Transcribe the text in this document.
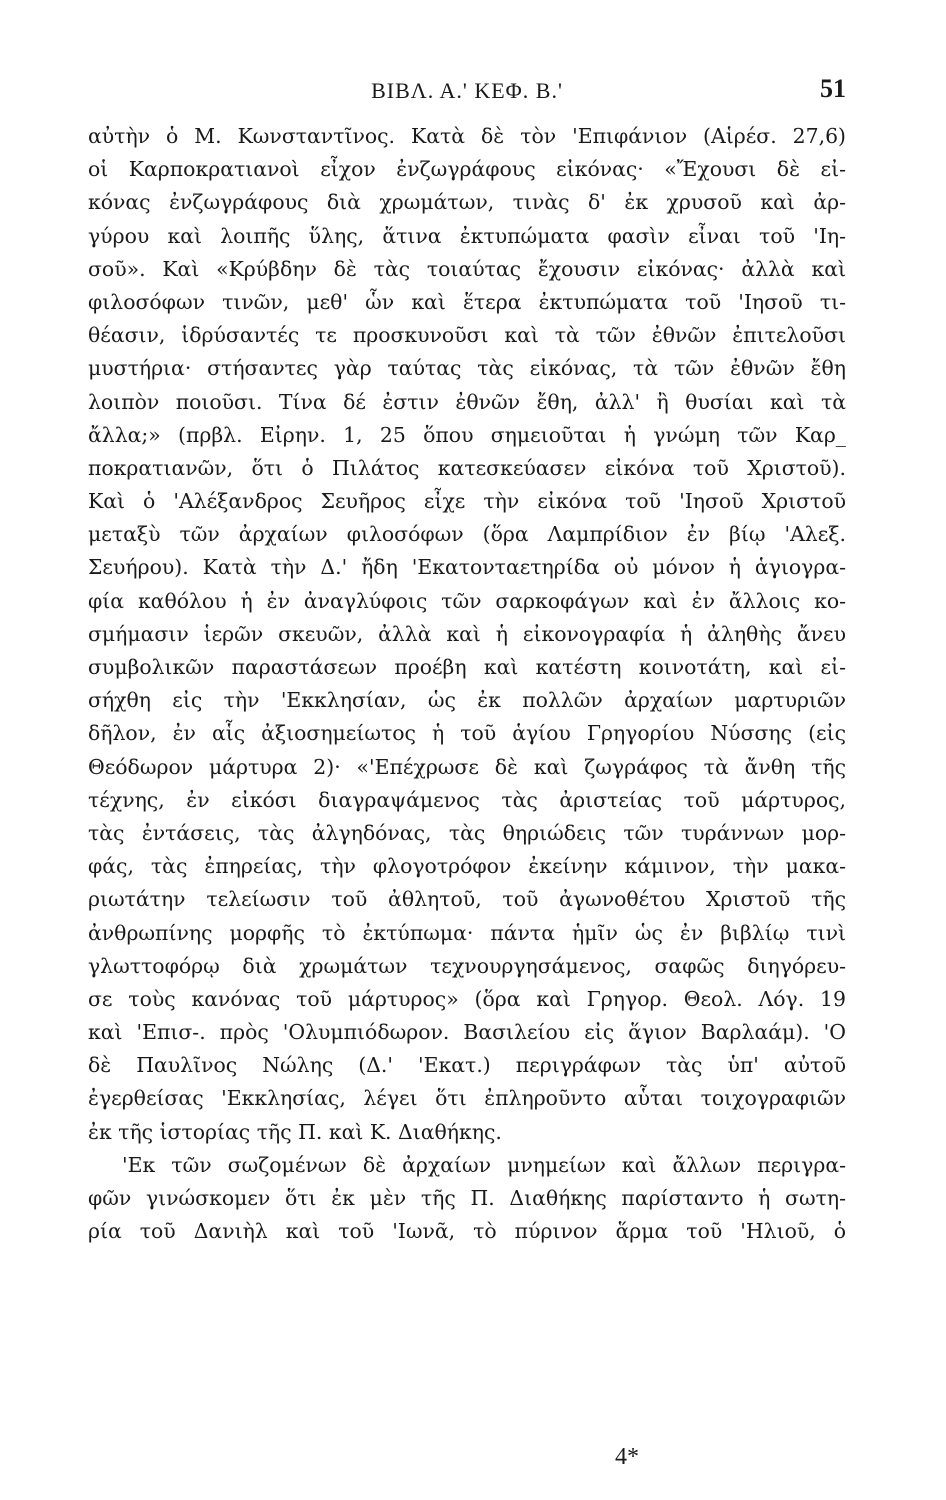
ΒΙΒΛ. Α.' ΚΕΦ. Β.'	51
αὐτὴν ὁ Μ. Κωνσταντῖνος. Κατὰ δὲ τὸν 'Επιφάνιον (Αἱρέσ. 27,6)
οἱ Καρποκρατιανοὶ εἶχον ἐνζωγράφους εἰκόνας· «Ἔχουσι δὲ εἰ-
κόνας ἐνζωγράφους διὰ χρωμάτων, τινὰς δ' ἐκ χρυσοῦ καὶ ἀρ-
γύρου καὶ λοιπῆς ὕλης, ἅτινα ἐκτυπώματα φασὶν εἶναι τοῦ 'Ιη-
σοῦ». Καὶ «Κρύβδην δὲ τὰς τοιαύτας ἔχουσιν εἰκόνας· ἀλλὰ καὶ
φιλοσόφων τινῶν, μεθ' ὧν καὶ ἕτερα ἐκτυπώματα τοῦ 'Ιησοῦ τι-
θέασιν, ἱδρύσαντές τε προσκυνοῦσι καὶ τὰ τῶν ἐθνῶν ἐπιτελοῦσι
μυστήρια· στήσαντες γὰρ ταύτας τὰς εἰκόνας, τὰ τῶν ἐθνῶν ἔθη
λοιπὸν ποιοῦσι. Τίνα δέ ἐστιν ἐθνῶν ἔθη, ἀλλ' ἢ θυσίαι καὶ τὰ
ἄλλα;» (πρβλ. Εἰρην. 1, 25 ὅπου σημειοῦται ἡ γνώμη τῶν Καρ_
ποκρατιανῶν, ὅτι ὁ Πιλάτος κατεσκεύασεν εἰκόνα τοῦ Χριστοῦ).
Καὶ ὁ 'Αλέξανδρος Σευῆρος εἶχε τὴν εἰκόνα τοῦ 'Ιησοῦ Χριστοῦ
μεταξὺ τῶν ἀρχαίων φιλοσόφων (ὅρα Λαμπρίδιον ἐν βίῳ 'Αλεξ.
Σευήρου). Κατὰ τὴν Δ.' ἤδη 'Εκατονταετηρίδα οὐ μόνον ἡ ἁγιογρα-
φία καθόλου ἡ ἐν ἀναγλύφοις τῶν σαρκοφάγων καὶ ἐν ἄλλοις κο-
σμήμασιν ἱερῶν σκευῶν, ἀλλὰ καὶ ἡ εἰκονογραφία ἡ ἀληθὴς ἄνευ
συμβολικῶν παραστάσεων προέβη καὶ κατέστη κοινοτάτη, καὶ εἰ-
σήχθη εἰς τὴν 'Εκκλησίαν, ὡς ἐκ πολλῶν ἀρχαίων μαρτυριῶν
δῆλον, ἐν αἷς ἀξιοσημείωτος ἡ τοῦ ἁγίου Γρηγορίου Νύσσης (εἰς
Θεόδωρον μάρτυρα 2)· «'Επέχρωσε δὲ καὶ ζωγράφος τὰ ἄνθη τῆς
τέχνης, ἐν εἰκόσι διαγραψάμενος τὰς ἀριστείας τοῦ μάρτυρος,
τὰς ἐντάσεις, τὰς ἀλγηδόνας, τὰς θηριώδεις τῶν τυράννων μορ-
φάς, τὰς ἐπηρείας, τὴν φλογοτρόφον ἐκείνην κάμινον, τὴν μακα-
ριωτάτην τελείωσιν τοῦ ἀθλητοῦ, τοῦ ἀγωνοθέτου Χριστοῦ τῆς
ἀνθρωπίνης μορφῆς τὸ ἐκτύπωμα· πάντα ἡμῖν ὡς ἐν βιβλίῳ τινὶ
γλωττοφόρῳ διὰ χρωμάτων τεχνουργησάμενος, σαφῶς διηγόρευ-
σε τοὺς κανόνας τοῦ μάρτυρος» (ὅρα καὶ Γρηγορ. Θεολ. Λόγ. 19
καὶ 'Επισ-. πρὸς 'Ολυμπιόδωρον. Βασιλείου εἰς ἅγιον Βαρλαάμ). 'Ο
δὲ Παυλῖνος Νώλης (Δ.' 'Εκατ.) περιγράφων τὰς ὑπ' αὐτοῦ
ἐγερθείσας 'Εκκλησίας, λέγει ὅτι ἐπληροῦντο αὗται τοιχογραφιῶν
ἐκ τῆς ἱστορίας τῆς Π. καὶ Κ. Διαθήκης.
'Εκ τῶν σωζομένων δὲ ἀρχαίων μνημείων καὶ ἄλλων περιγρα-
φῶν γινώσκομεν ὅτι ἐκ μὲν τῆς Π. Διαθήκης παρίσταντο ἡ σωτη-
ρία τοῦ Δανιὴλ καὶ τοῦ 'Ιωνᾶ, τὸ πύρινον ἅρμα τοῦ 'Ηλιοῦ, ὁ
4*
